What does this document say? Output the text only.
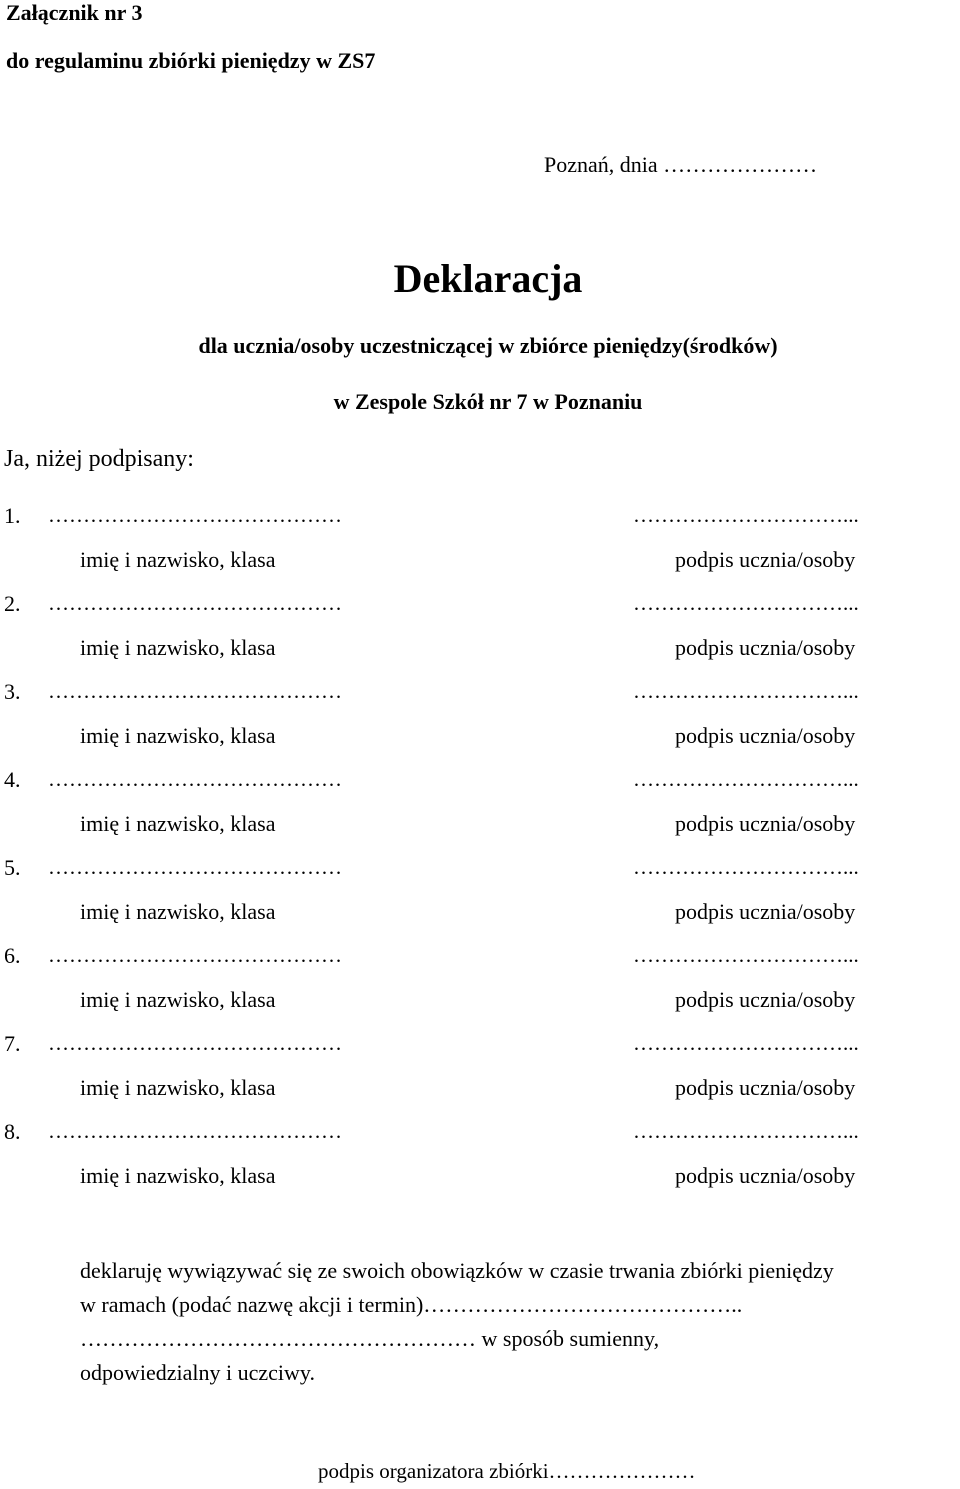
Załącznik nr 3
do regulaminu zbiórki pieniędzy w ZS7
Poznań, dnia …………………
Deklaracja
dla ucznia/osoby uczestniczącej w zbiórce pieniędzy(środków)
w Zespole Szkół nr 7 w Poznaniu
Ja, niżej podpisany:
1. ……………………………………	…………………………...
imię i nazwisko, klasa	podpis ucznia/osoby
2. ……………………………………	…………………………...
imię i nazwisko, klasa	podpis ucznia/osoby
3. ……………………………………	…………………………...
imię i nazwisko, klasa	podpis ucznia/osoby
4. ……………………………………	…………………………...
imię i nazwisko, klasa	podpis ucznia/osoby
5. ……………………………………	…………………………...
imię i nazwisko, klasa	podpis ucznia/osoby
6. ……………………………………	…………………………...
imię i nazwisko, klasa	podpis ucznia/osoby
7. ……………………………………	…………………………...
imię i nazwisko, klasa	podpis ucznia/osoby
8. ……………………………………	…………………………...
imię i nazwisko, klasa	podpis ucznia/osoby
deklaruję wywiązywać się ze swoich obowiązków w czasie trwania zbiórki pieniędzy
w ramach (podać nazwę akcji i termin)……………………………………..
……………………………………………… w sposób sumienny,
odpowiedzialny i uczciwy.
podpis organizatora zbiórki…………………
